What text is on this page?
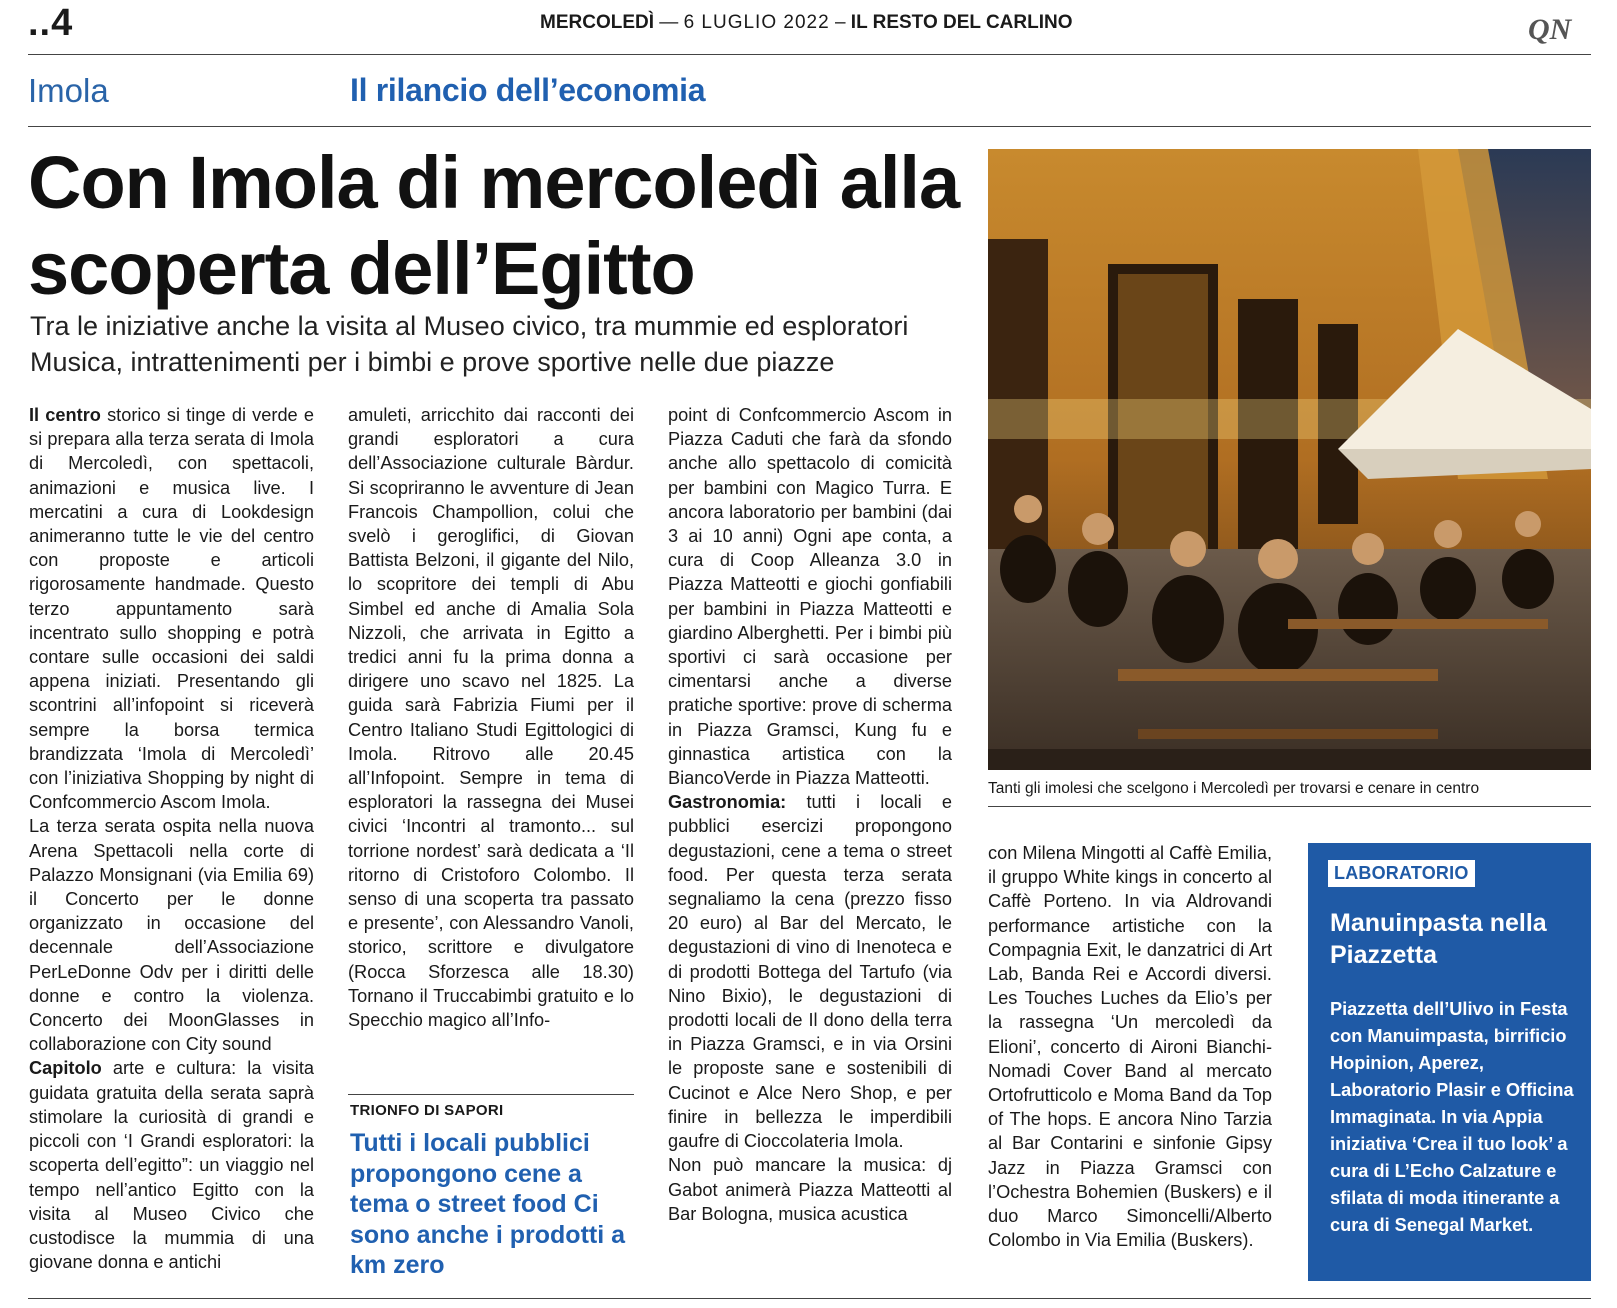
..4	MERCOLEDÌ — 6 LUGLIO 2022 – IL RESTO DEL CARLINO	QN
Imola	Il rilancio dell’economia
Con Imola di mercoledì alla scoperta dell’Egitto
Tra le iniziative anche la visita al Museo civico, tra mummie ed esploratori
Musica, intrattenimenti per i bimbi e prove sportive nelle due piazze

Il centro storico si tinge di verde e si prepara alla terza serata di Imola di Mercoledì, con spettacoli, animazioni e musica live. I mercatini a cura di Lookdesign animeranno tutte le vie del centro con proposte e articoli rigorosamente handmade. Questo terzo appuntamento sarà incentrato sullo shopping e potrà contare sulle occasioni dei saldi appena iniziati. Presentando gli scontrini all’infopoint si riceverà sempre la borsa termica brandizzata ‘Imola di Mercoledì’ con l’iniziativa Shopping by night di Confcommercio Ascom Imola.

La terza serata ospita nella nuova Arena Spettacoli nella corte di Palazzo Monsignani (via Emilia 69) il Concerto per le donne organizzato in occasione del decennale dell’Associazione PerLeDonne Odv per i diritti delle donne e contro la violenza. Concerto dei MoonGlasses in collaborazione con City sound

Capitolo arte e cultura: la visita guidata gratuita della serata saprà stimolare la curiosità di grandi e piccoli con ‘I Grandi esploratori: la scoperta dell’egitto”: un viaggio nel tempo nell’antico Egitto con la visita al Museo Civico che custodisce la mummia di una giovane donna e antichi

amuleti, arricchito dai racconti dei grandi esploratori a cura dell’Associazione culturale Bàrdur. Si scopriranno le avventure di Jean Francois Champollion, colui che svelò i geroglifici, di Giovan Battista Belzoni, il gigante del Nilo, lo scopritore dei templi di Abu Simbel ed anche di Amalia Sola Nizzoli, che arrivata in Egitto a tredici anni fu la prima donna a dirigere uno scavo nel 1825. La guida sarà Fabrizia Fiumi per il Centro Italiano Studi Egittologici di Imola. Ritrovo alle 20.45 all’Infopoint. Sempre in tema di esploratori la rassegna dei Musei civici ‘Incontri al tramonto... sul torrione nordest’ sarà dedicata a ‘Il ritorno di Cristoforo Colombo. Il senso di una scoperta tra passato e presente’, con Alessandro Vanoli, storico, scrittore e divulgatore (Rocca Sforzesca alle 18.30) Tornano il Truccabimbi gratuito e lo Specchio magico all’Info-

TRIONFO DI SAPORI
Tutti i locali pubblici propongono cene a tema o street food Ci sono anche i prodotti a km zero

point di Confcommercio Ascom in Piazza Caduti che farà da sfondo anche allo spettacolo di comicità per bambini con Magico Turra. E ancora laboratorio per bambini (dai 3 ai 10 anni) Ogni ape conta, a cura di Coop Alleanza 3.0 in Piazza Matteotti e giochi gonfiabili per bambini in Piazza Matteotti e giardino Alberghetti. Per i bimbi più sportivi ci sarà occasione per cimentarsi anche a diverse pratiche sportive: prove di scherma in Piazza Gramsci, Kung fu e ginnastica artistica con la BiancoVerde in Piazza Matteotti.

Gastronomia: tutti i locali e pubblici esercizi propongono degustazioni, cene a tema o street food. Per questa terza serata segnaliamo la cena (prezzo fisso 20 euro) al Bar del Mercato, le degustazioni di vino di Inenoteca e di prodotti Bottega del Tartufo (via Nino Bixio), le degustazioni di prodotti locali de Il dono della terra in Piazza Gramsci, e in via Orsini le proposte sane e sostenibili di Cucinot e Alce Nero Shop, e per finire in bellezza le imperdibili gaufre di Cioccolateria Imola.

Non può mancare la musica: dj Gabot animerà Piazza Matteotti al Bar Bologna, musica acustica

con Milena Mingotti al Caffè Emilia, il gruppo White kings in concerto al Caffè Porteno. In via Aldrovandi performance artistiche con la Compagnia Exit, le danzatrici di Art Lab, Banda Rei e Accordi diversi. Les Touches Luches da Elio’s per la rassegna ‘Un mercoledì da Elioni’, concerto di Aironi Bianchi-Nomadi Cover Band al mercato Ortofrutticolo e Moma Band da Top of The hops. E ancora Nino Tarzia al Bar Contarini e sinfonie Gipsy Jazz in Piazza Gramsci con l’Ochestra Bohemien (Buskers) e il duo Marco Simoncelli/Alberto Colombo in Via Emilia (Buskers).

Tanti gli imolesi che scelgono i Mercoledì per trovarsi e cenare in centro
LABORATORIO
Manuinpasta nella Piazzetta
Piazzetta dell’Ulivo in Festa con Manuimpasta, birrificio Hopinion, Aperez, Laboratorio Plasir e Officina Immaginata. In via Appia iniziativa ‘Crea il tuo look’ a cura di L’Echo Calzature e sfilata di moda itinerante a cura di Senegal Market.
